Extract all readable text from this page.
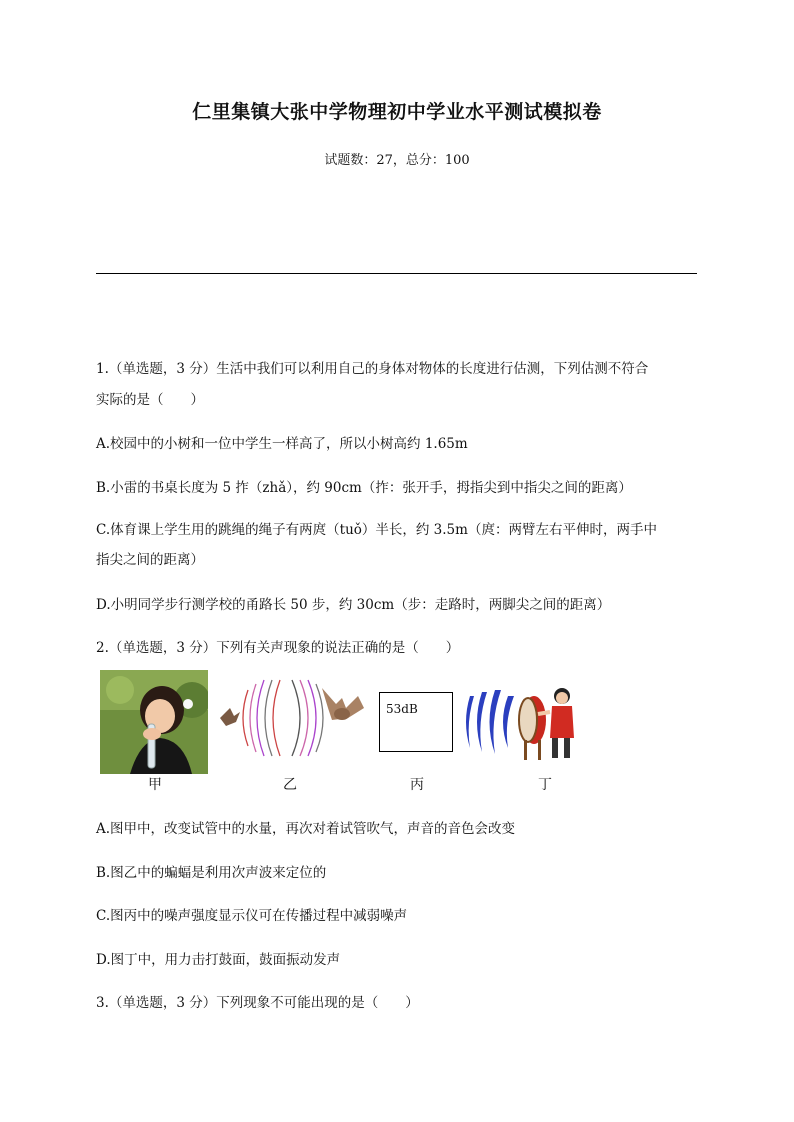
仁里集镇大张中学物理初中学业水平测试模拟卷
试题数：27，总分：100
1.（单选题，3 分）生活中我们可以利用自己的身体对物体的长度进行估测，下列估测不符合
实际的是（　　）
A.校园中的小树和一位中学生一样高了，所以小树高约 1.65m
B.小雷的书桌长度为 5 拃（zhǎ），约 90cm（拃：张开手，拇指尖到中指尖之间的距离）
C.体育课上学生用的跳绳的绳子有两庹（tuǒ）半长，约 3.5m（庹：两臂左右平伸时，两手中
指尖之间的距离）
D.小明同学步行测学校的甬路长 50 步，约 30cm（步：走路时，两脚尖之间的距离）
2.（单选题，3 分）下列有关声现象的说法正确的是（　　）
甲	乙
53dB
丙	丁
A.图甲中，改变试管中的水量，再次对着试管吹气，声音的音色会改变
B.图乙中的蝙蝠是利用次声波来定位的
C.图丙中的噪声强度显示仪可在传播过程中减弱噪声
D.图丁中，用力击打鼓面，鼓面振动发声
3.（单选题，3 分）下列现象不可能出现的是（　　）
